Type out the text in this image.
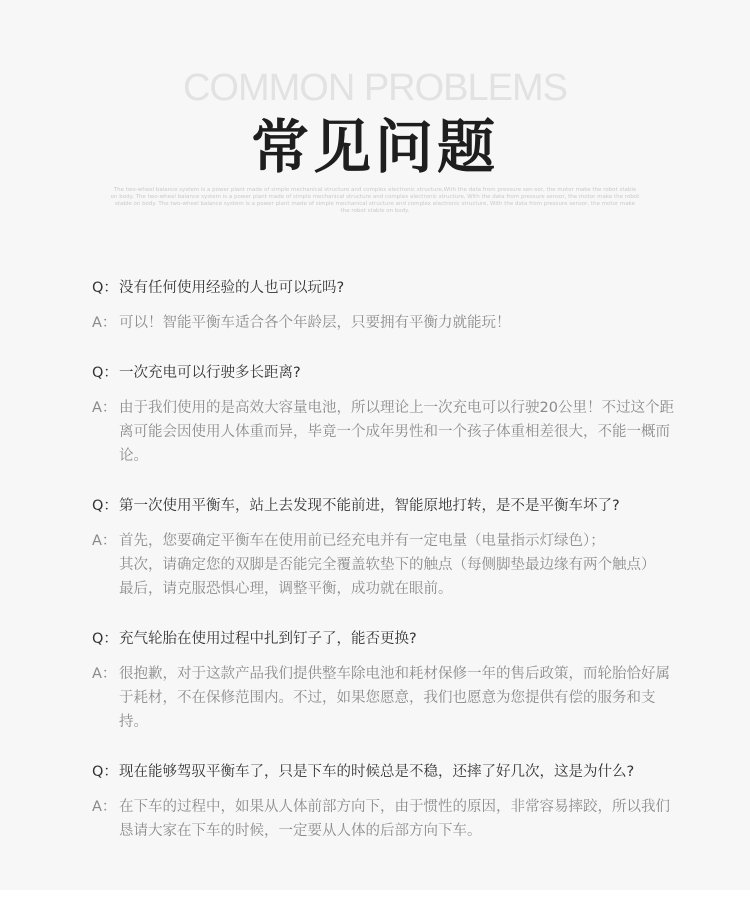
COMMON PROBLEMS
常见问题
The two-wheel balance system is a power plant made of simple mechanical structure and complex electronic structure,With the data from pressure sen-sor, the motor make the robot stable on body. The two-wheel balance system is a power plant made of simple mechanical structure and complex electronic structure, With the data from pressure sensor, the motor make the robot stable on body. The two-wheel balance system is a power plant made of simple mechanical structure and complex electronic structure, With the data from pressure sensor, the motor make the robot stable on body.
Q： 没有任何使用经验的人也可以玩吗?
A： 可以！智能平衡车适合各个年龄层，只要拥有平衡力就能玩！
Q： 一次充电可以行驶多长距离?
A： 由于我们使用的是高效大容量电池，所以理论上一次充电可以行驶20公里！不过这个距离可能会因使用人体重而异，毕竟一个成年男性和一个孩子体重相差很大，不能一概而论。
Q： 第一次使用平衡车，站上去发现不能前进，智能原地打转，是不是平衡车坏了?
A： 首先，您要确定平衡车在使用前已经充电并有一定电量（电量指示灯绿色）；
其次，请确定您的双脚是否能完全覆盖软垫下的触点（每侧脚垫最边缘有两个触点）
最后，请克服恐惧心理，调整平衡，成功就在眼前。
Q： 充气轮胎在使用过程中扎到钉子了，能否更换?
A： 很抱歉，对于这款产品我们提供整车除电池和耗材保修一年的售后政策，而轮胎恰好属于耗材，不在保修范围内。不过，如果您愿意，我们也愿意为您提供有偿的服务和支持。
Q： 现在能够驾驭平衡车了，只是下车的时候总是不稳，还摔了好几次，这是为什么?
A： 在下车的过程中，如果从人体前部方向下，由于惯性的原因，非常容易摔跤，所以我们恳请大家在下车的时候，一定要从人体的后部方向下车。
